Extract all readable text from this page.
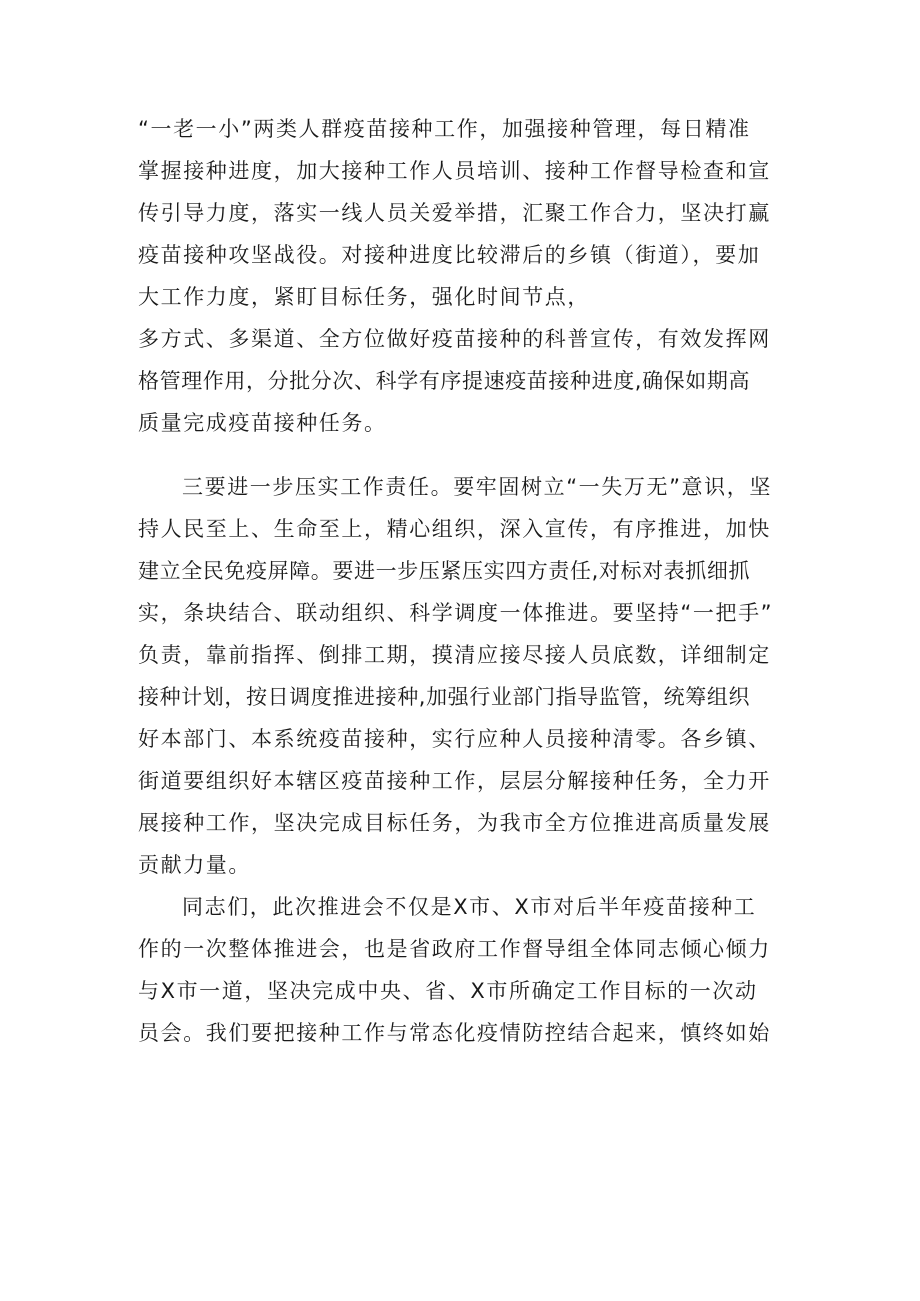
“一老一小”两类人群疫苗接种工作，加强接种管理，每日精准
掌握接种进度，加大接种工作人员培训、接种工作督导检查和宣
传引导力度，落实一线人员关爱举措，汇聚工作合力，坚决打赢
疫苗接种攻坚战役。对接种进度比较滞后的乡镇（街道），要加
大工作力度，紧盯目标任务，强化时间节点，
多方式、多渠道、全方位做好疫苗接种的科普宣传，有效发挥网
格管理作用，分批分次、科学有序提速疫苗接种进度,确保如期高
质量完成疫苗接种任务。
三要进一步压实工作责任。要牢固树立“一失万无”意识，坚
持人民至上、生命至上，精心组织，深入宣传，有序推进，加快
建立全民免疫屏障。要进一步压紧压实四方责任,对标对表抓细抓
实，条块结合、联动组织、科学调度一体推进。要坚持“一把手”
负责，靠前指挥、倒排工期，摸清应接尽接人员底数，详细制定
接种计划，按日调度推进接种,加强行业部门指导监管，统筹组织
好本部门、本系统疫苗接种，实行应种人员接种清零。各乡镇、
街道要组织好本辖区疫苗接种工作，层层分解接种任务，全力开
展接种工作，坚决完成目标任务，为我市全方位推进高质量发展
贡献力量。
同志们，此次推进会不仅是X市、X市对后半年疫苗接种工
作的一次整体推进会，也是省政府工作督导组全体同志倾心倾力
与X市一道，坚决完成中央、省、X市所确定工作目标的一次动
员会。我们要把接种工作与常态化疫情防控结合起来，慎终如始
